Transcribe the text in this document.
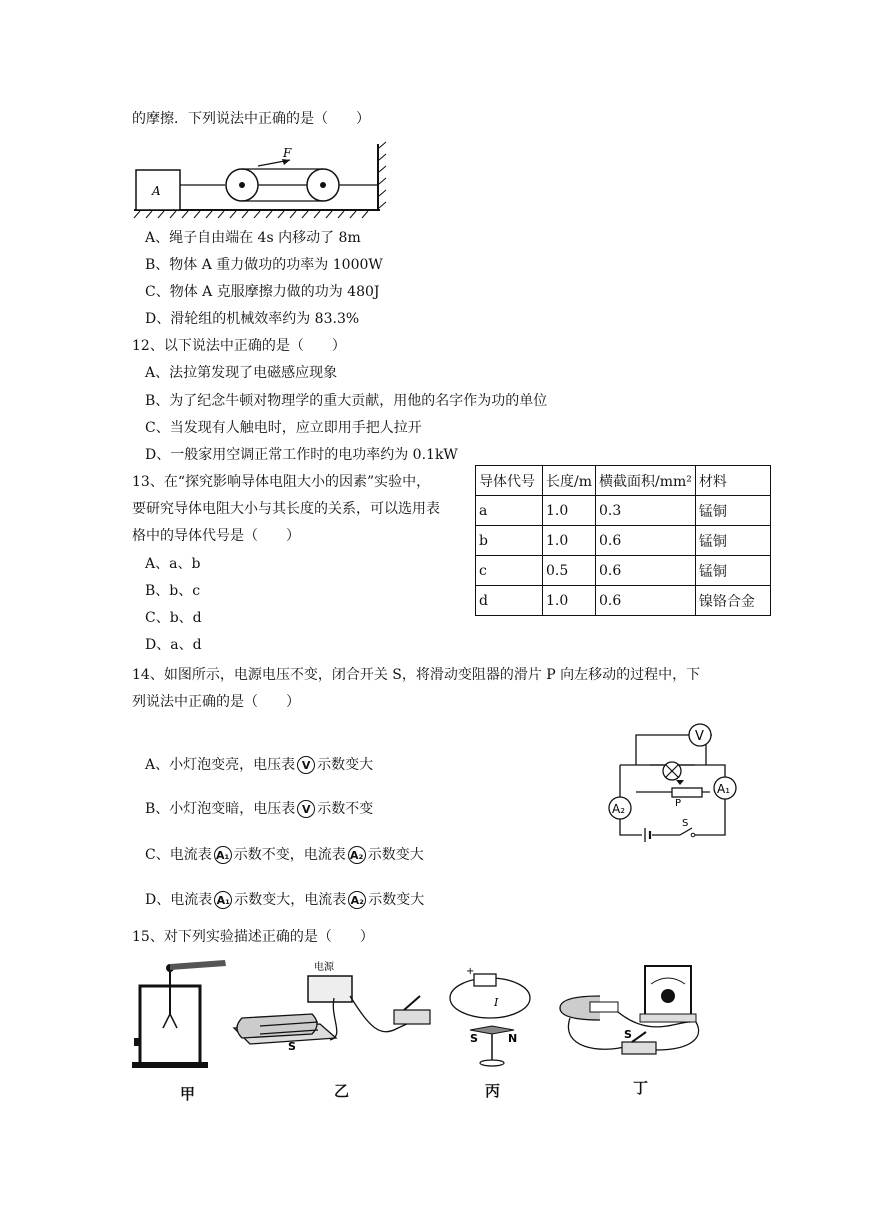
的摩擦．下列说法中正确的是（　　）
A
F
A、绳子自由端在 4s 内移动了 8m
B、物体 A 重力做功的功率为 1000W
C、物体 A 克服摩擦力做的功为 480J
D、滑轮组的机械效率约为 83.3%
12、以下说法中正确的是（　　）
A、法拉第发现了电磁感应现象
B、为了纪念牛顿对物理学的重大贡献，用他的名字作为功的单位
C、当发现有人触电时，应立即用手把人拉开
D、一般家用空调正常工作时的电功率约为 0.1kW
13、在“探究影响导体电阻大小的因素”实验中，
要研究导体电阻大小与其长度的关系，可以选用表
格中的导体代号是（　　）
A、a、b
B、b、c
C、b、d
D、a、d
导体代号	长度/m	横截面积/mm²	材料
a	1.0	0.3	锰铜
b	1.0	0.6	锰铜
c	0.5	0.6	锰铜
d	1.0	0.6	镍铬合金
14、如图所示，电源电压不变，闭合开关 S，将滑动变阻器的滑片 P 向左移动的过程中，下
列说法中正确的是（　　）
A、小灯泡变亮，电压表 V 示数变大
B、小灯泡变暗，电压表 V 示数不变
C、电流表 A₁ 示数不变，电流表 A₂ 示数变大
D、电流表 A₁ 示数变大，电流表 A₂ 示数变大
V
P
A₁
A₂
S
15、对下列实验描述正确的是（　　）
电源
S
+
I
S	N	S
甲	乙	丙	丁
